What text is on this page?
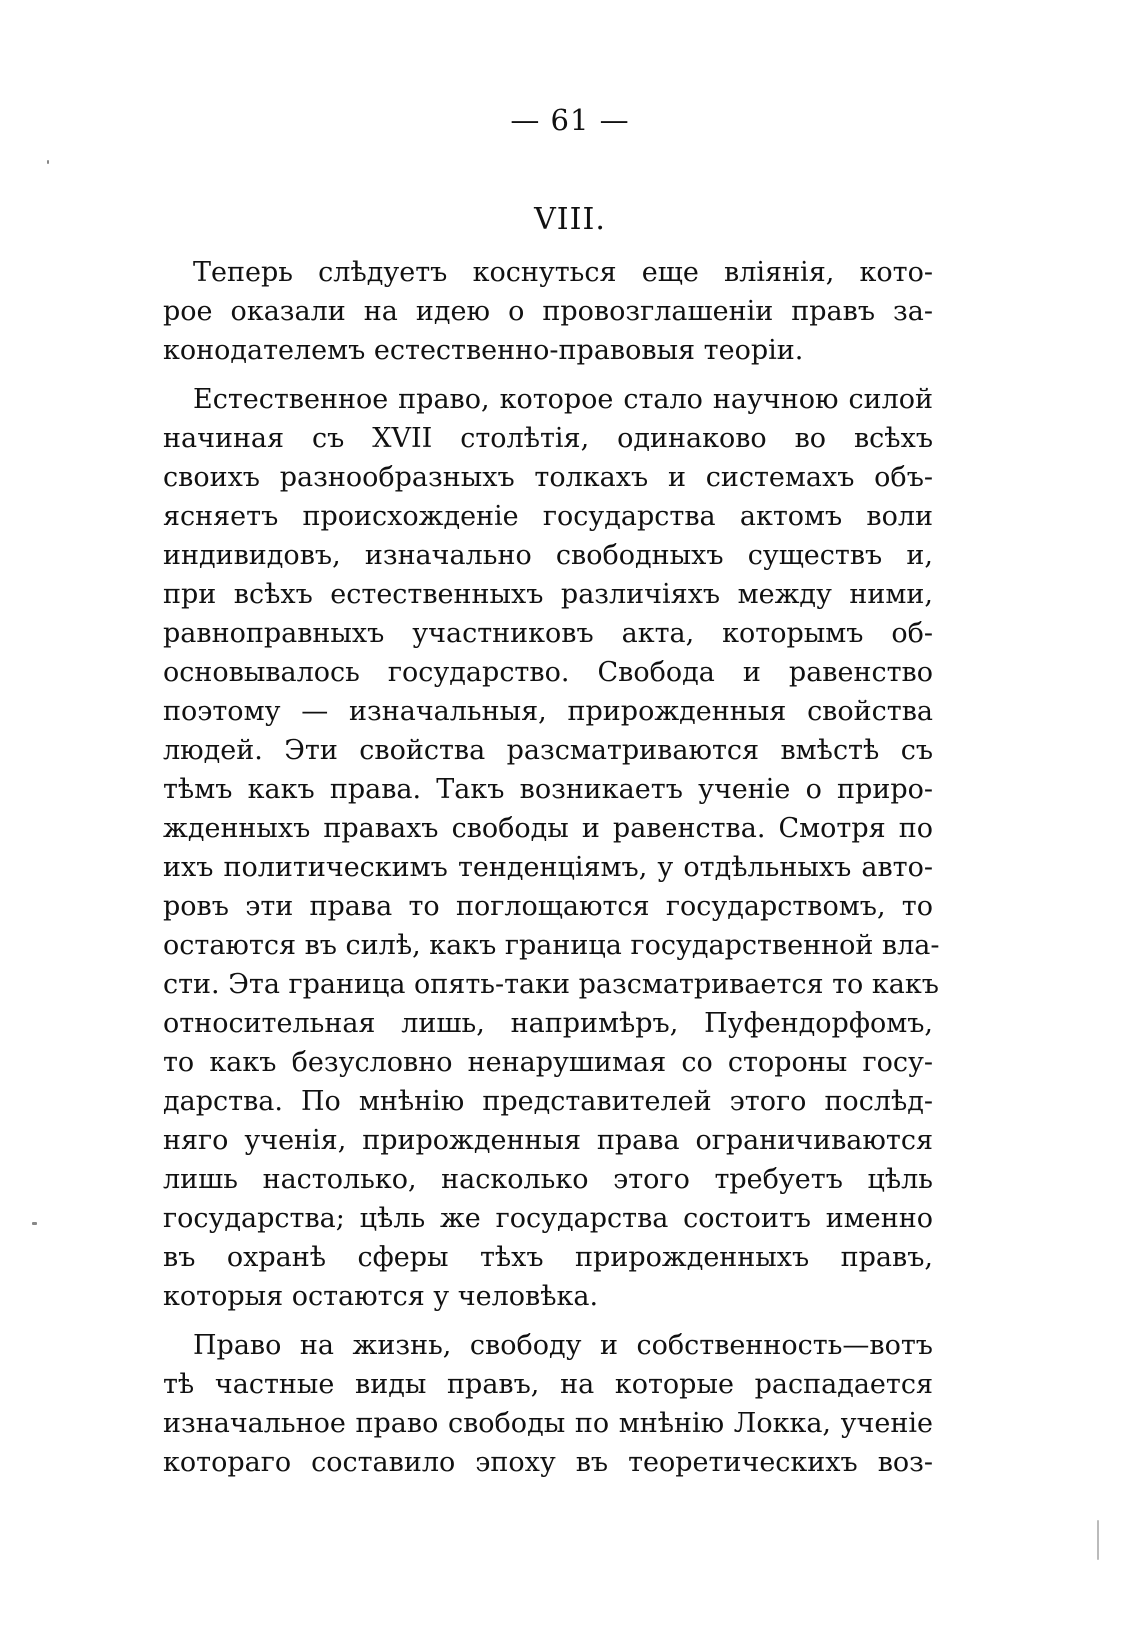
— 61 —
VIII.
Теперь слѣдуетъ коснуться еще вліянія, кото-
рое оказали на идею о провозглашеніи правъ за-
конодателемъ естественно-правовыя теоріи.
Естественное право, которое стало научною силой
начиная съ XVII столѣтія, одинаково во всѣхъ
своихъ разнообразныхъ толкахъ и системахъ объ-
ясняетъ происхожденіе государства актомъ воли
индивидовъ, изначально свободныхъ существъ и,
при всѣхъ естественныхъ различіяхъ между ними,
равноправныхъ участниковъ акта, которымъ об-
основывалось государство. Свобода и равенство
поэтому — изначальныя, прирожденныя свойства
людей. Эти свойства разсматриваются вмѣстѣ съ
тѣмъ какъ права. Такъ возникаетъ ученіе о приро-
жденныхъ правахъ свободы и равенства. Смотря по
ихъ политическимъ тенденціямъ, у отдѣльныхъ авто-
ровъ эти права то поглощаются государствомъ, то
остаются въ силѣ, какъ граница государственной вла-
сти. Эта граница опять-таки разсматривается то какъ
относительная лишь, напримѣръ, Пуфендорфомъ,
то какъ безусловно ненарушимая со стороны госу-
дарства. По мнѣнію представителей этого послѣд-
няго ученія, прирожденныя права ограничиваются
лишь настолько, насколько этого требуетъ цѣль
государства; цѣль же государства состоитъ именно
въ охранѣ сферы тѣхъ прирожденныхъ правъ,
которыя остаются у человѣка.
Право на жизнь, свободу и собственность—вотъ
тѣ частные виды правъ, на которые распадается
изначальное право свободы по мнѣнію Локка, ученіе
котораго составило эпоху въ теоретическихъ воз-
